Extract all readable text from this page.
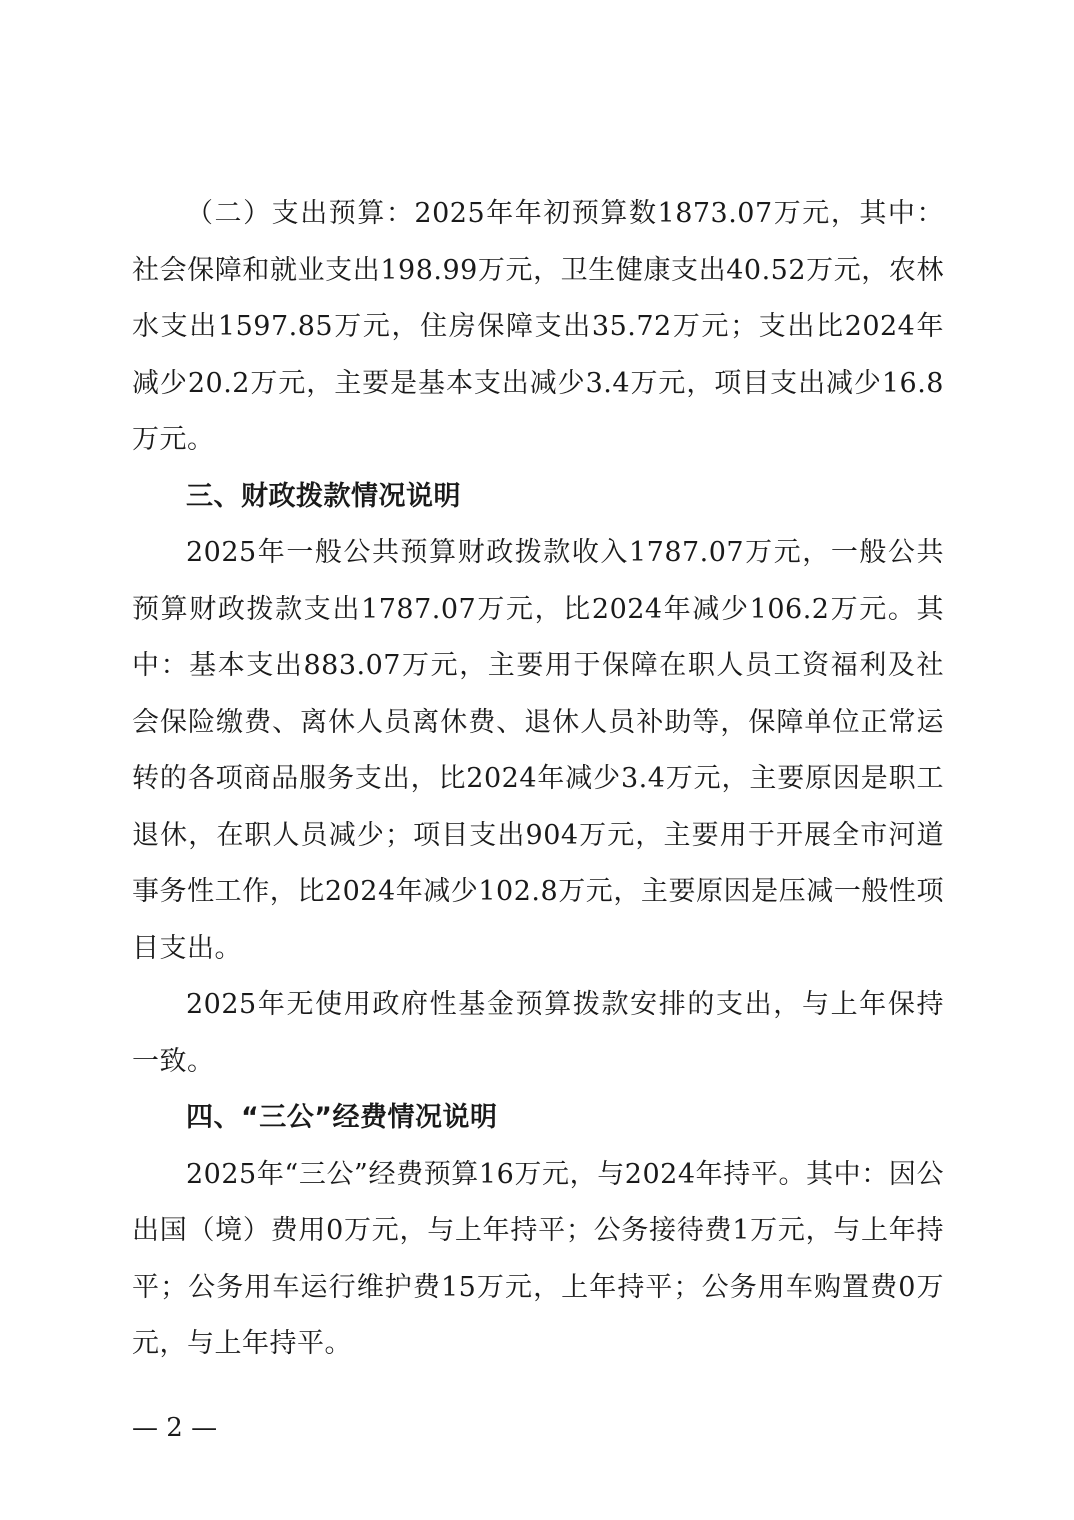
（二）支出预算：2025年年初预算数1873.07万元，其中：社会保障和就业支出198.99万元，卫生健康支出40.52万元，农林水支出1597.85万元，住房保障支出35.72万元；支出比2024年减少20.2万元，主要是基本支出减少3.4万元，项目支出减少16.8万元。

三、财政拨款情况说明

2025年一般公共预算财政拨款收入1787.07万元，一般公共预算财政拨款支出1787.07万元，比2024年减少106.2万元。其中：基本支出883.07万元，主要用于保障在职人员工资福利及社会保险缴费、离休人员离休费、退休人员补助等，保障单位正常运转的各项商品服务支出，比2024年减少3.4万元，主要原因是职工退休，在职人员减少；项目支出904万元，主要用于开展全市河道事务性工作，比2024年减少102.8万元，主要原因是压减一般性项目支出。

2025年无使用政府性基金预算拨款安排的支出，与上年保持一致。

四、“三公”经费情况说明

2025年“三公”经费预算16万元，与2024年持平。其中：因公出国（境）费用0万元，与上年持平；公务接待费1万元，与上年持平；公务用车运行维护费15万元，上年持平；公务用车购置费0万元，与上年持平。

— 2 —
